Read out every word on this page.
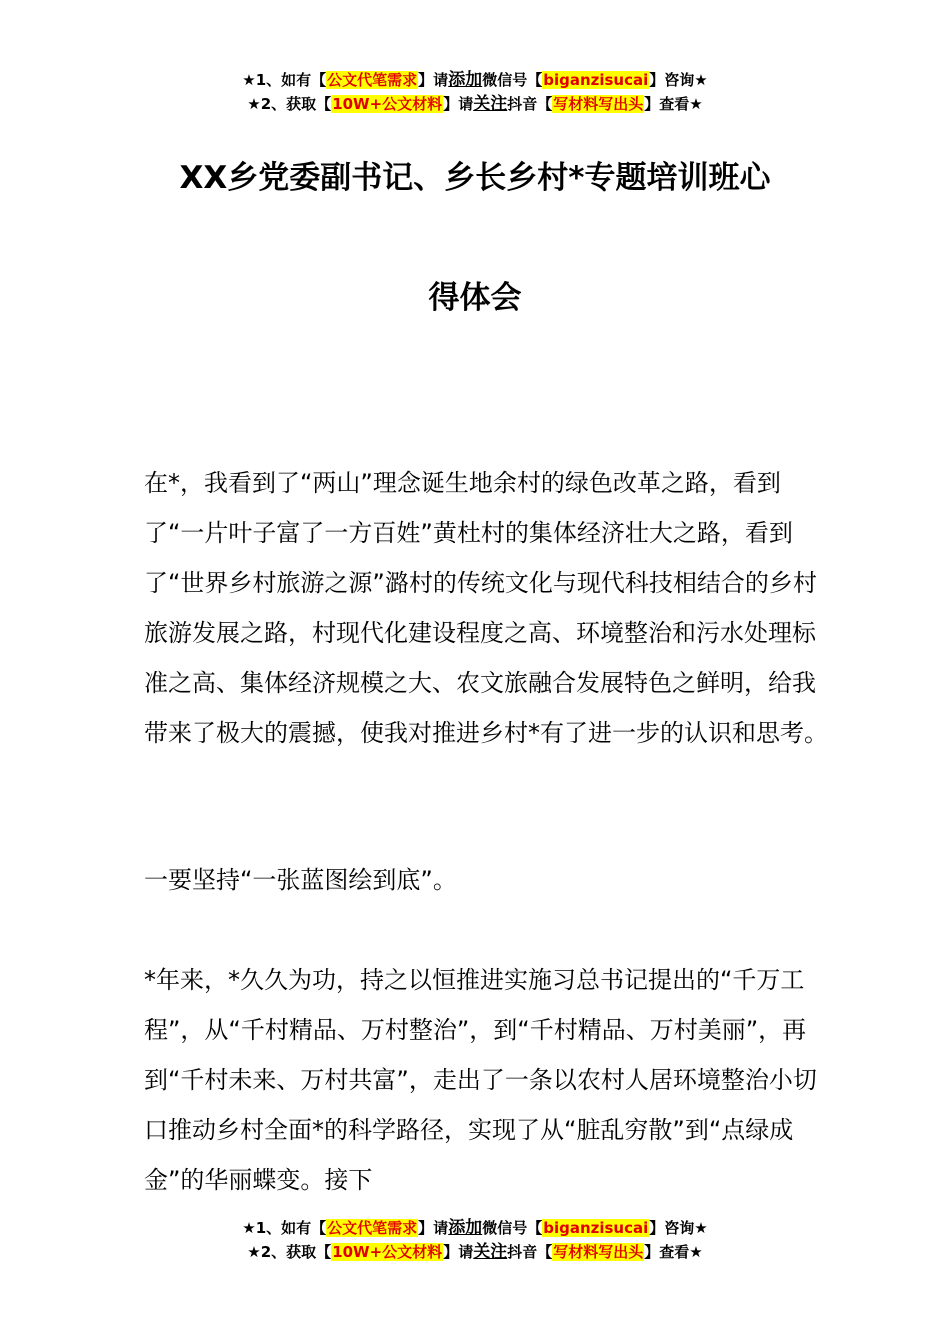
★1、如有【公文代笔需求】请添加微信号【biganzisucai】咨询★
★2、获取【10W+公文材料】请关注抖音【写材料写出头】查看★
XX乡党委副书记、乡长乡村*专题培训班心
得体会

在*，我看到了“两山”理念诞生地余村的绿色改革之路，看到了“一片叶子富了一方百姓”黄杜村的集体经济壮大之路，看到了“世界乡村旅游之源”潞村的传统文化与现代科技相结合的乡村旅游发展之路，村现代化建设程度之高、环境整治和污水处理标准之高、集体经济规模之大、农文旅融合发展特色之鲜明，给我带来了极大的震撼，使我对推进乡村*有了进一步的认识和思考。

一要坚持“一张蓝图绘到底”。

*年来，*久久为功，持之以恒推进实施习总书记提出的“千万工程”，从“千村精品、万村整治”，到“千村精品、万村美丽”，再到“千村未来、万村共富”，走出了一条以农村人居环境整治小切口推动乡村全面*的科学路径，实现了从“脏乱穷散”到“点绿成金”的华丽蝶变。接下

★1、如有【公文代笔需求】请添加微信号【biganzisucai】咨询★
★2、获取【10W+公文材料】请关注抖音【写材料写出头】查看★
